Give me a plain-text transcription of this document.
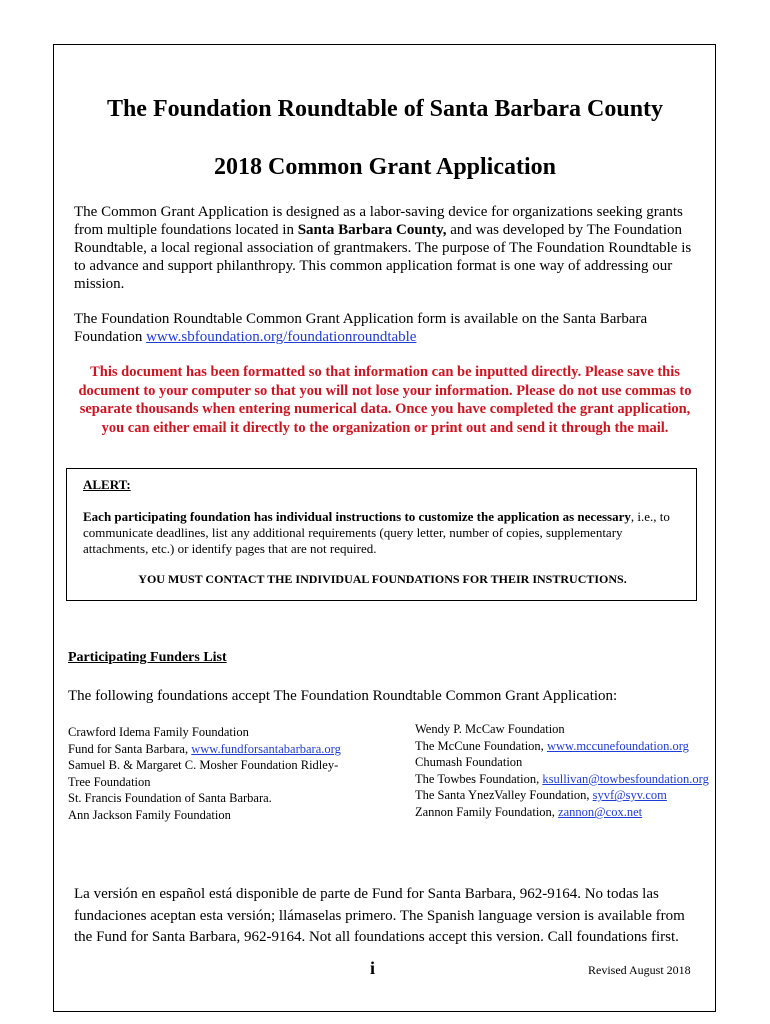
The Foundation Roundtable of Santa Barbara County
2018 Common Grant Application
The Common Grant Application is designed as a labor-saving device for organizations seeking grants from multiple foundations located in Santa Barbara County, and was developed by The Foundation Roundtable, a local regional association of grantmakers. The purpose of The Foundation Roundtable is to advance and support philanthropy. This common application format is one way of addressing our mission.
The Foundation Roundtable Common Grant Application form is available on the Santa Barbara Foundation www.sbfoundation.org/foundationroundtable
This document has been formatted so that information can be inputted directly. Please save this document to your computer so that you will not lose your information. Please do not use commas to separate thousands when entering numerical data. Once you have completed the grant application, you can either email it directly to the organization or print out and send it through the mail.
ALERT:
Each participating foundation has individual instructions to customize the application as necessary, i.e., to communicate deadlines, list any additional requirements (query letter, number of copies, supplementary attachments, etc.) or identify pages that are not required.
YOU MUST CONTACT THE INDIVIDUAL FOUNDATIONS FOR THEIR INSTRUCTIONS.
Participating Funders List
The following foundations accept The Foundation Roundtable Common Grant Application:
Crawford Idema Family Foundation
Fund for Santa Barbara, www.fundforsantabarbara.org
Samuel B. & Margaret C. Mosher Foundation Ridley-
Tree Foundation
St. Francis Foundation of Santa Barbara.
Ann Jackson Family Foundation
Wendy P. McCaw Foundation
The McCune Foundation, www.mccunefoundation.org
Chumash Foundation
The Towbes Foundation, ksullivan@towbesfoundation.org
The Santa YnezValley Foundation, syvf@syv.com
Zannon Family Foundation, zannon@cox.net
La versión en español está disponible de parte de Fund for Santa Barbara, 962-9164. No todas las fundaciones aceptan esta versión; llámaselas primero. The Spanish language version is available from the Fund for Santa Barbara, 962-9164. Not all foundations accept this version. Call foundations first.
i	Revised August 2018
